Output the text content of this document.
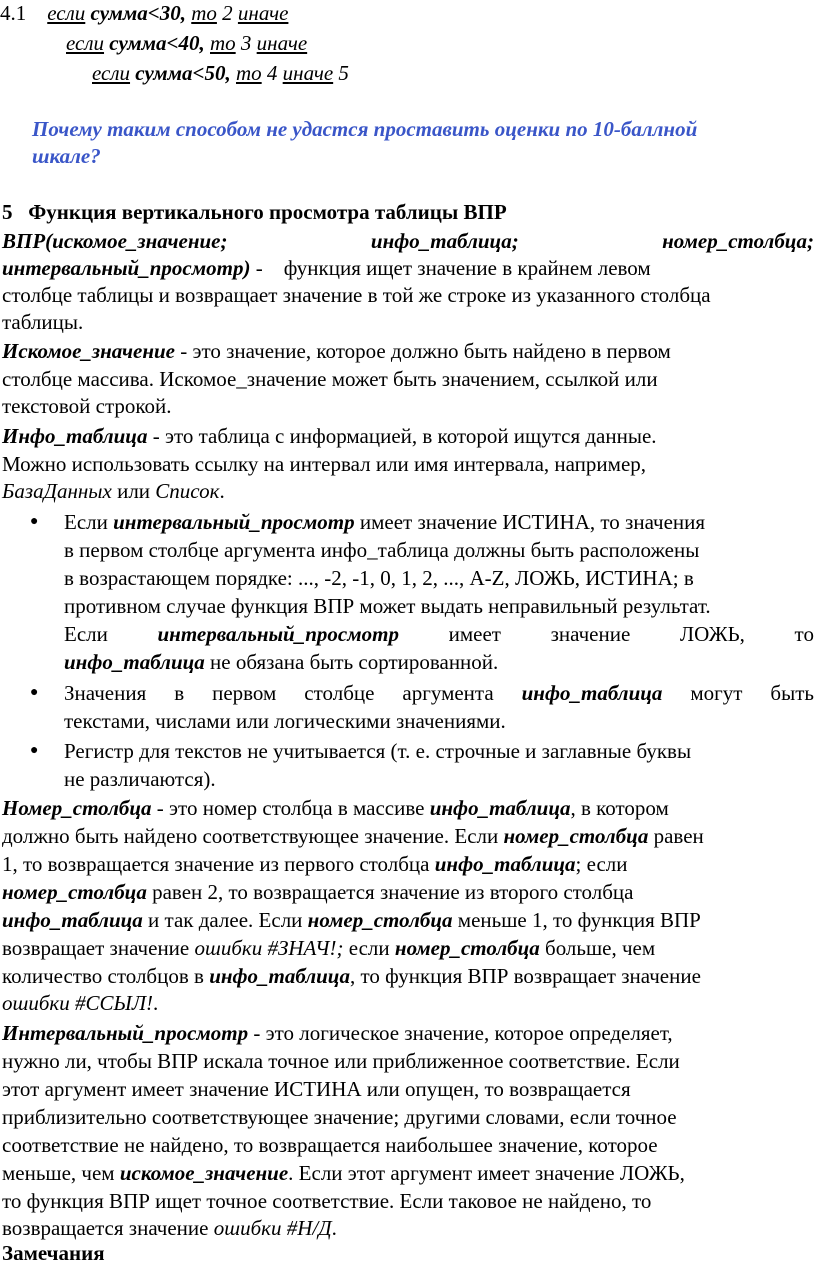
4.1 если сумма<30, то 2 иначе
если сумма<40, то 3 иначе
если сумма<50, то 4 иначе 5
Почему таким способом не удастся проставить оценки по 10-баллной
шкале?
5 Функция вертикального просмотра таблицы ВПР
ВПР(искомое_значение;	инфо_таблица;	номер_столбца;
интервальный_просмотр) - функция ищет значение в крайнем левом
столбце таблицы и возвращает значение в той же строке из указанного столбца
таблицы.
Искомое_значение - это значение, которое должно быть найдено в первом
столбце массива. Искомое_значение может быть значением, ссылкой или
текстовой строкой.
Инфо_таблица - это таблица с информацией, в которой ищутся данные.
Можно использовать ссылку на интервал или имя интервала, например,
БазаДанных или Список.
● Если интервальный_просмотр имеет значение ИСТИНА, то значения
в первом столбце аргумента инфо_таблица должны быть расположены
в возрастающем порядке: ..., -2, -1, 0, 1, 2, ..., A-Z, ЛОЖЬ, ИСТИНА; в
противном случае функция ВПР может выдать неправильный результат.
Если интервальный_просмотр имеет значение ЛОЖЬ, то
инфо_таблица не обязана быть сортированной.
● Значения в первом столбце аргумента инфо_таблица могут быть
текстами, числами или логическими значениями.
● Регистр для текстов не учитывается (т. е. строчные и заглавные буквы
не различаются).
Номер_столбца - это номер столбца в массиве инфо_таблица, в котором
должно быть найдено соответствующее значение. Если номер_столбца равен
1, то возвращается значение из первого столбца инфо_таблица; если
номер_столбца равен 2, то возвращается значение из второго столбца
инфо_таблица и так далее. Если номер_столбца меньше 1, то функция ВПР
возвращает значение ошибки #ЗНАЧ!; если номер_столбца больше, чем
количество столбцов в инфо_таблица, то функция ВПР возвращает значение
ошибки #ССЫЛ!.
Интервальный_просмотр - это логическое значение, которое определяет,
нужно ли, чтобы ВПР искала точное или приближенное соответствие. Если
этот аргумент имеет значение ИСТИНА или опущен, то возвращается
приблизительно соответствующее значение; другими словами, если точное
соответствие не найдено, то возвращается наибольшее значение, которое
меньше, чем искомое_значение. Если этот аргумент имеет значение ЛОЖЬ,
то функция ВПР ищет точное соответствие. Если таковое не найдено, то
возвращается значение ошибки #Н/Д.
Замечания
